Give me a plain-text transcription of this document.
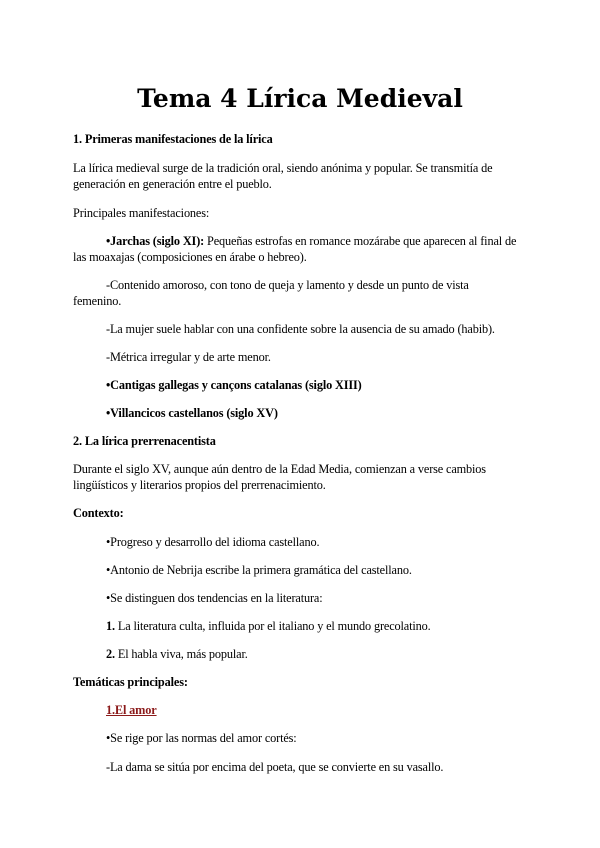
Tema 4 Lírica Medieval

1. Primeras manifestaciones de la lírica

La lírica medieval surge de la tradición oral, siendo anónima y popular. Se transmitía de

generación en generación entre el pueblo.

Principales manifestaciones:

•Jarchas (siglo XI): Pequeñas estrofas en romance mozárabe que aparecen al final de

las moaxajas (composiciones en árabe o hebreo).

-Contenido amoroso, con tono de queja y lamento y desde un punto de vista

femenino.

-La mujer suele hablar con una confidente sobre la ausencia de su amado (habib).

-Métrica irregular y de arte menor.

•Cantigas gallegas y cançons catalanas (siglo XIII)

•Villancicos castellanos (siglo XV)

2. La lírica prerrenacentista

Durante el siglo XV, aunque aún dentro de la Edad Media, comienzan a verse cambios

lingüísticos y literarios propios del prerrenacimiento.

Contexto:

•Progreso y desarrollo del idioma castellano.

•Antonio de Nebrija escribe la primera gramática del castellano.

•Se distinguen dos tendencias en la literatura:

1. La literatura culta, influida por el italiano y el mundo grecolatino.

2. El habla viva, más popular.

Temáticas principales:

1.El amor

•Se rige por las normas del amor cortés:

-La dama se sitúa por encima del poeta, que se convierte en su vasallo.
